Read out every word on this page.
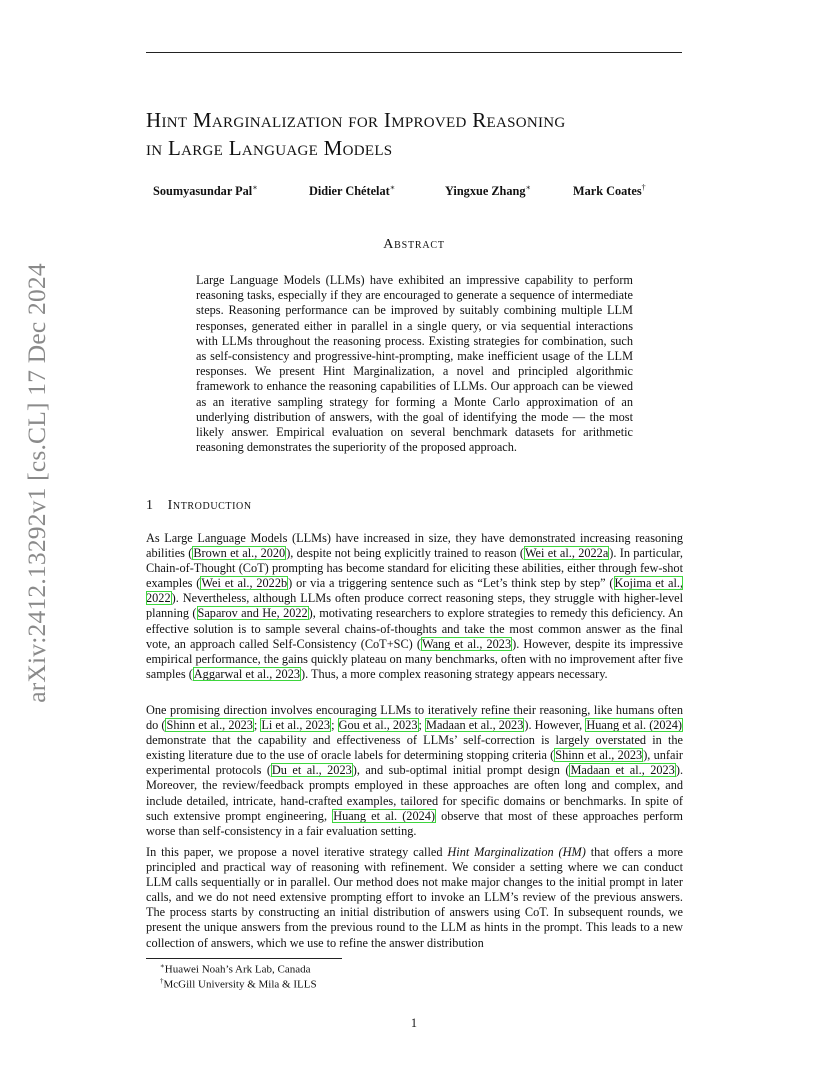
arXiv:2412.13292v1 [cs.CL] 17 Dec 2024
Hint Marginalization for Improved Reasoning
in Large Language Models
Soumyasundar Pal∗	Didier Chételat∗	Yingxue Zhang∗	Mark Coates†
Abstract

Large Language Models (LLMs) have exhibited an impressive capability to perform reasoning tasks, especially if they are encouraged to generate a sequence of intermediate steps. Reasoning performance can be improved by suitably combining multiple LLM responses, generated either in parallel in a single query, or via sequential interactions with LLMs throughout the reasoning process. Existing strategies for combination, such as self-consistency and progressive-hint-prompting, make inefficient usage of the LLM responses. We present Hint Marginalization, a novel and principled algorithmic framework to enhance the reasoning capabilities of LLMs. Our approach can be viewed as an iterative sampling strategy for forming a Monte Carlo approximation of an underlying distribution of answers, with the goal of identifying the mode — the most likely answer. Empirical evaluation on several benchmark datasets for arithmetic reasoning demonstrates the superiority of the proposed approach.

1 Introduction

As Large Language Models (LLMs) have increased in size, they have demonstrated increasing reasoning abilities (Brown et al., 2020), despite not being explicitly trained to reason (Wei et al., 2022a). In particular, Chain-of-Thought (CoT) prompting has become standard for eliciting these abilities, either through few-shot examples (Wei et al., 2022b) or via a triggering sentence such as “Let’s think step by step” (Kojima et al., 2022). Nevertheless, although LLMs often produce correct reasoning steps, they struggle with higher-level planning (Saparov and He, 2022), motivating researchers to explore strategies to remedy this deficiency. An effective solution is to sample several chains-of-thoughts and take the most common answer as the final vote, an approach called Self-Consistency (CoT+SC) (Wang et al., 2023). However, despite its impressive empirical performance, the gains quickly plateau on many benchmarks, often with no improvement after five samples (Aggarwal et al., 2023). Thus, a more complex reasoning strategy appears necessary.

One promising direction involves encouraging LLMs to iteratively refine their reasoning, like humans often do (Shinn et al., 2023; Li et al., 2023; Gou et al., 2023; Madaan et al., 2023). However, Huang et al. (2024) demonstrate that the capability and effectiveness of LLMs’ self-correction is largely overstated in the existing literature due to the use of oracle labels for determining stopping criteria (Shinn et al., 2023), unfair experimental protocols (Du et al., 2023), and sub-optimal initial prompt design (Madaan et al., 2023). Moreover, the review/feedback prompts employed in these approaches are often long and complex, and include detailed, intricate, hand-crafted examples, tailored for specific domains or benchmarks. In spite of such extensive prompt engineering, Huang et al. (2024) observe that most of these approaches perform worse than self-consistency in a fair evaluation setting.

In this paper, we propose a novel iterative strategy called Hint Marginalization (HM) that offers a more principled and practical way of reasoning with refinement. We consider a setting where we can conduct LLM calls sequentially or in parallel. Our method does not make major changes to the initial prompt in later calls, and we do not need extensive prompting effort to invoke an LLM’s review of the previous answers. The process starts by constructing an initial distribution of answers using CoT. In subsequent rounds, we present the unique answers from the previous round to the LLM as hints in the prompt. This leads to a new collection of answers, which we use to refine the answer distribution

∗Huawei Noah’s Ark Lab, Canada
†McGill University & Mila & ILLS
1
